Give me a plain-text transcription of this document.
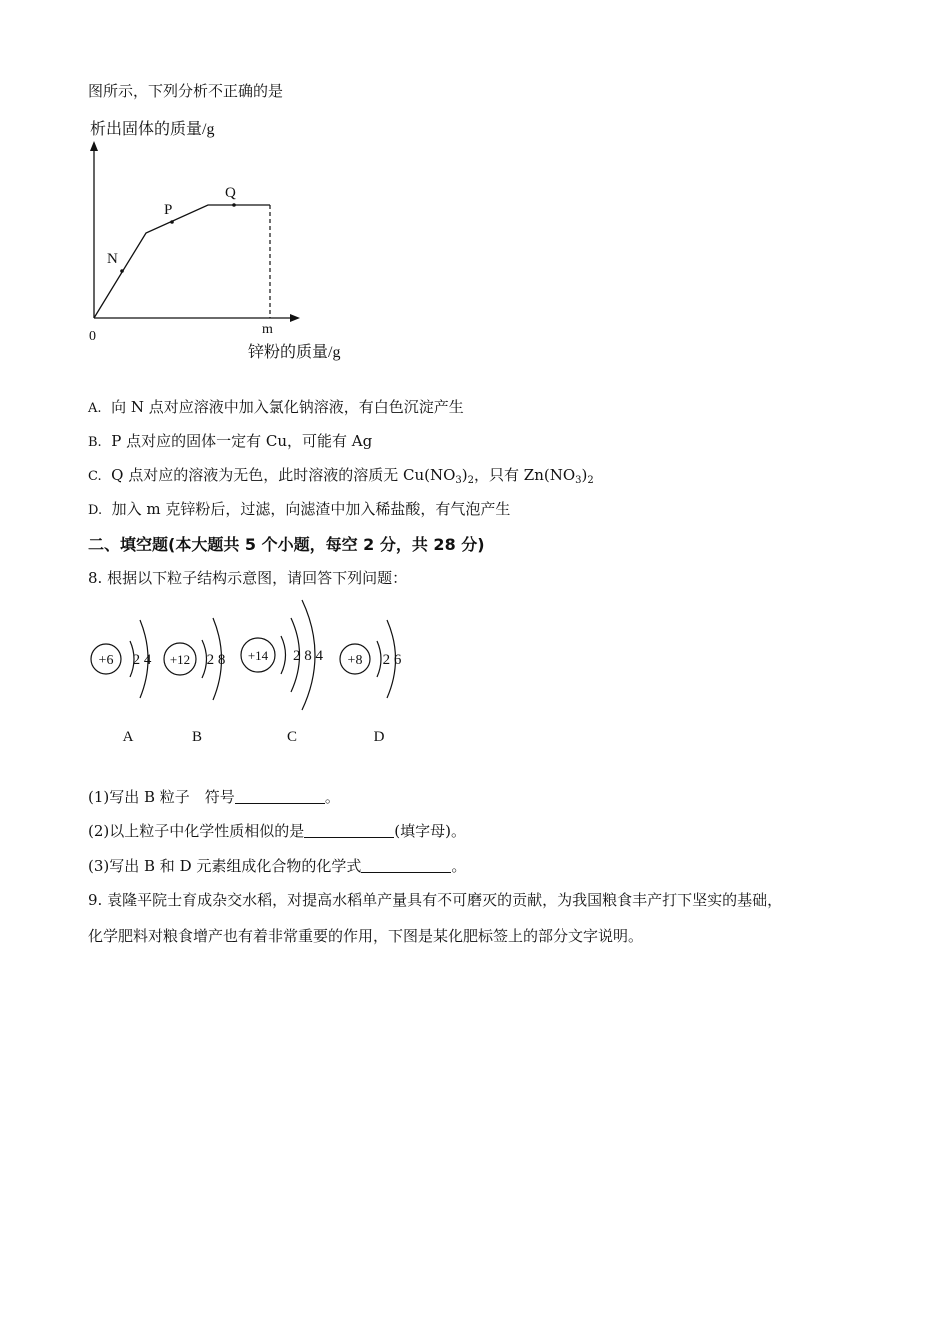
图所示，下列分析不正确的是
析出固体的质量/g
N
P
Q
0	m
锌粉的质量/g
A. 向 N 点对应溶液中加入氯化钠溶液，有白色沉淀产生
B. P 点对应的固体一定有 Cu，可能有 Ag
C. Q 点对应的溶液为无色，此时溶液的溶质无 $Cu(NO_3)_2$，只有 $Zn(NO_3)_2$
D. 加入 m 克锌粉后，过滤，向滤渣中加入稀盐酸，有气泡产生
二、填空题(本大题共 5 个小题，每空 2 分，共 28 分)
8. 根据以下粒子结构示意图，请回答下列问题：
+6 2 4
A
+12 2 8
B
+14 2 8 4
C
+8 2 6
D
(1)写出 B 粒子　符号	。
(2)以上粒子中化学性质相似的是	(填字母)。
(3)写出 B 和 D 元素组成化合物的化学式	。
9. 袁隆平院士育成杂交水稻，对提高水稻单产量具有不可磨灭的贡献，为我国粮食丰产打下坚实的基础，
化学肥料对粮食增产也有着非常重要的作用，下图是某化肥标签上的部分文字说明。
